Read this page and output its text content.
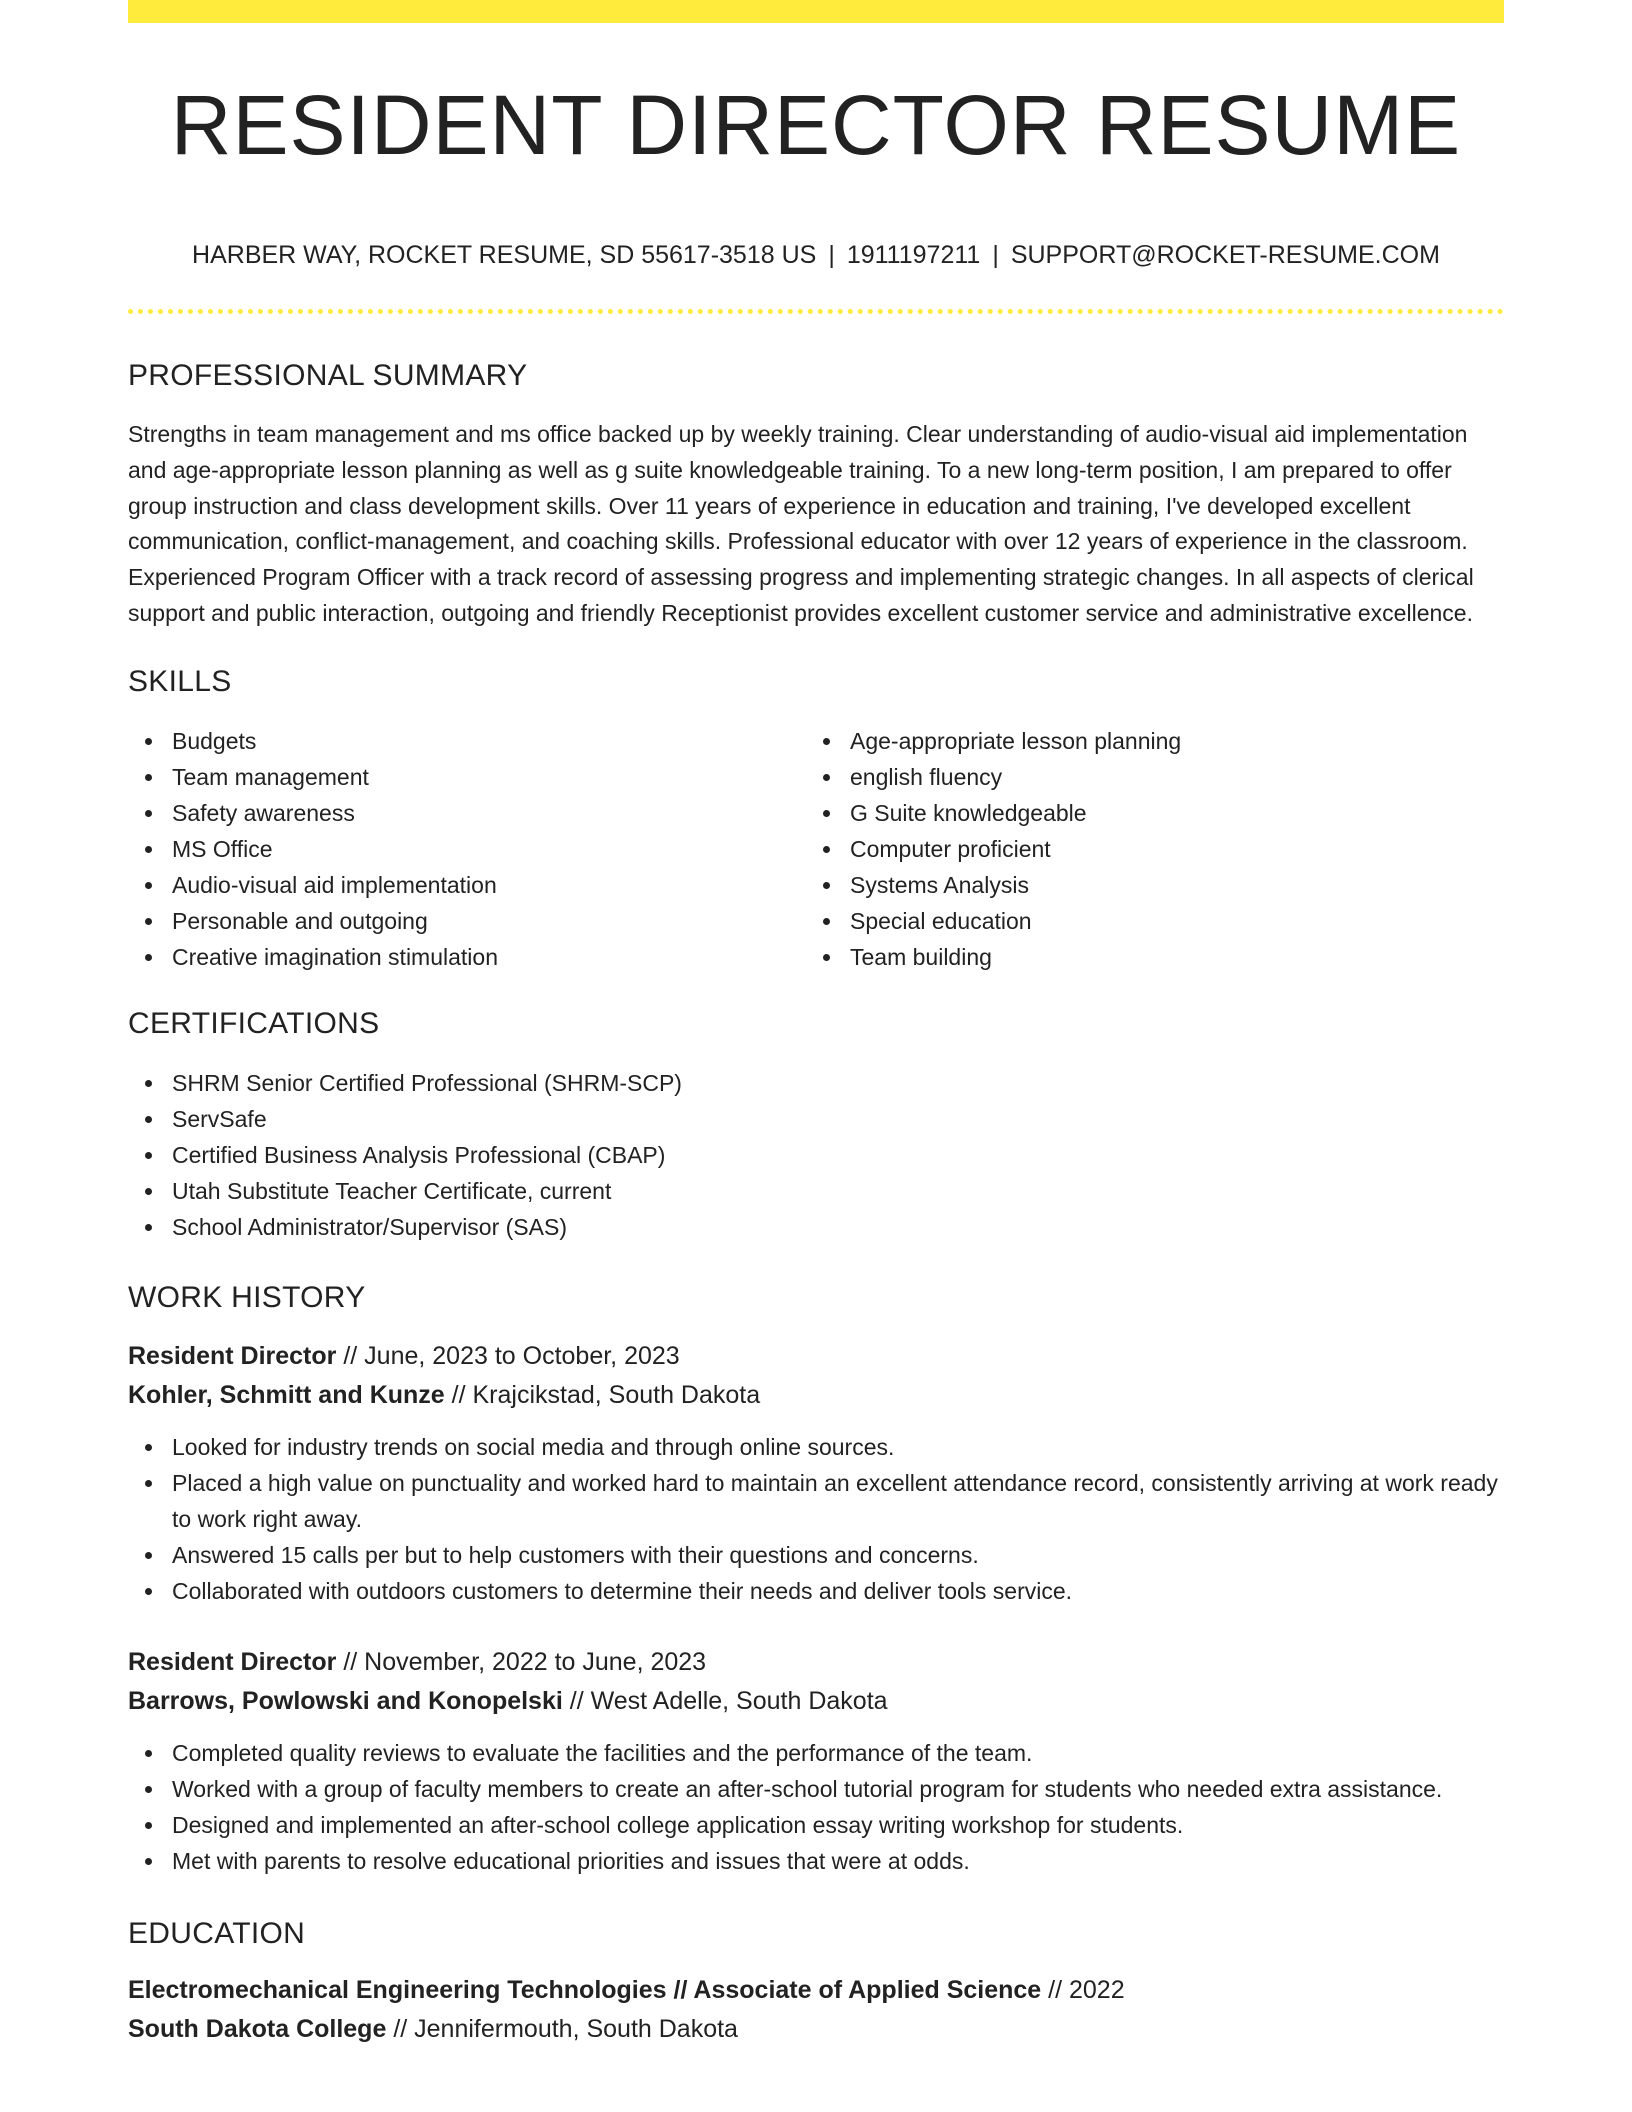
RESIDENT DIRECTOR RESUME
HARBER WAY, ROCKET RESUME, SD 55617-3518 US | 1911197211 | SUPPORT@ROCKET-RESUME.COM
PROFESSIONAL SUMMARY

Strengths in team management and ms office backed up by weekly training. Clear understanding of audio-visual aid implementation and age-appropriate lesson planning as well as g suite knowledgeable training. To a new long-term position, I am prepared to offer group instruction and class development skills. Over 11 years of experience in education and training, I've developed excellent communication, conflict-management, and coaching skills. Professional educator with over 12 years of experience in the classroom. Experienced Program Officer with a track record of assessing progress and implementing strategic changes. In all aspects of clerical support and public interaction, outgoing and friendly Receptionist provides excellent customer service and administrative excellence.

SKILLS
Budgets
Team management
Safety awareness
MS Office
Audio-visual aid implementation
Personable and outgoing
Creative imagination stimulation
Age-appropriate lesson planning
english fluency
G Suite knowledgeable
Computer proficient
Systems Analysis
Special education
Team building
CERTIFICATIONS
SHRM Senior Certified Professional (SHRM-SCP)
ServSafe
Certified Business Analysis Professional (CBAP)
Utah Substitute Teacher Certificate, current
School Administrator/Supervisor (SAS)
WORK HISTORY
Resident Director // June, 2023 to October, 2023
Kohler, Schmitt and Kunze // Krajcikstad, South Dakota
Looked for industry trends on social media and through online sources.
Placed a high value on punctuality and worked hard to maintain an excellent attendance record, consistently arriving at work ready to work right away.
Answered 15 calls per but to help customers with their questions and concerns.
Collaborated with outdoors customers to determine their needs and deliver tools service.
Resident Director // November, 2022 to June, 2023
Barrows, Powlowski and Konopelski // West Adelle, South Dakota
Completed quality reviews to evaluate the facilities and the performance of the team.
Worked with a group of faculty members to create an after-school tutorial program for students who needed extra assistance.
Designed and implemented an after-school college application essay writing workshop for students.
Met with parents to resolve educational priorities and issues that were at odds.
EDUCATION
Electromechanical Engineering Technologies // Associate of Applied Science // 2022
South Dakota College // Jennifermouth, South Dakota
